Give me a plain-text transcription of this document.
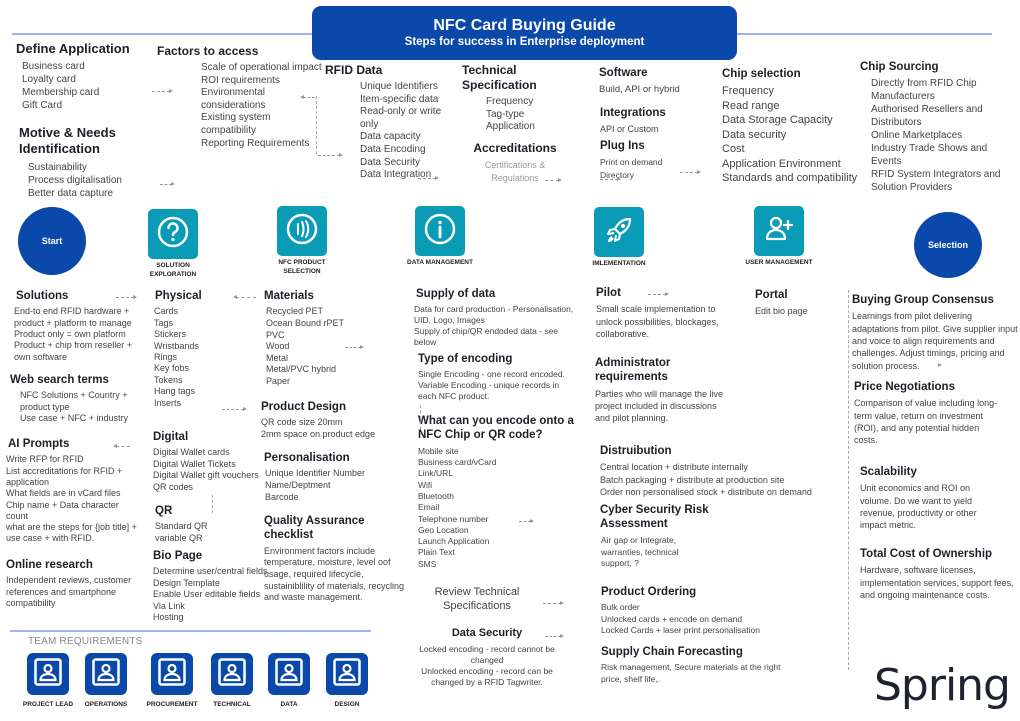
NFC Card Buying Guide
Steps for success in Enterprise deployment
Define Application
Business card
Loyalty card
Membership card
Gift Card
Motive & Needs Identification
Sustainability
Process digitalisation
Better data capture
Factors to access
Scale of operational impact
ROI requirements
Environmental considerations
Existing system compatibility
Reporting Requirements
RFID Data
Unique Identifiers
Item-specific data
Read-only or write only
Data capacity
Data Encoding
Data Security
Data Integration
Technical Specification
Frequency
Tag-type
Application
Accreditations
Certifications & Regulations
Software
Build, API or hybrid
Integrations
API or Custom
Plug Ins
Print on demand
Directory
Chip selection
Frequency
Read range
Data Storage Capacity
Data security
Cost
Application Environment
Standards and compatibility
Chip Sourcing
Directly from RFID Chip Manufacturers
Authorised Resellers and Distributors
Online Marketplaces
Industry Trade Shows and Events
RFID System Integrators and Solution Providers
Solutions
End-to end RFID hardware + product + platform to manage
Product only = own platform
Product + chip from reseller + own software
Web search terms
NFC Solutions + Country + product type
Use case + NFC + industry
AI Prompts
Write RFP for RFID
List accreditations for RFID + application
What fields are in vCard files
Chip name + Data character count
what are the steps for {job title] + use case + with RFID.
Online research
Independent reviews, customer references and smartphone compatibility
Physical
Cards
Tags
Stickers
Wristbands
Rings
Key fobs
Tokens
Hang tags
Inserts
Digital
Digital Wallet cards
Digital Wallet Tickets
Digital Wallet gift vouchers
QR codes
QR
Standard QR
variable QR
Bio Page
Determine user/central fields
Design Template
Enable User editable fields
Via Link
Hosting
Materials
Recycled PET
Ocean Bound rPET
PVC
Wood
Metal
Metal/PVC hybrid
Paper
Product Design
QR code size 20mm
2mm space on product edge
Personalisation
Unique Identifier Number
Name/Deptment
Barcode
Quality Assurance checklist
Environment factors include temperature, moisture, level oof usage, required lifecycle, sustainiblility of materials, recycling and waste management.
Supply of data
Data for card production - Personalisation, UID, Logo, Images
Supply of chip/QR endoded data - see below
Type of encoding
Single Encoding - one record encoded.
Variable Encoding - unique records in each NFC product.
What can you encode onto a NFC Chip or QR code?
Mobile site
Business card/vCard
Link/URL
Wifi
Bluetooth
Email
Telephone number
Geo Location
Launch Application
Plain Text
SMS
Review Technical Specifications
Data Security
Locked encoding - record cannot be changed
Unlocked encoding - record can be changed by a RFID Tagwriter.
Pilot
Small scale implementation to unlock possibilities, blockages, collaborative.
Administrator requirements
Parties who will manage the live project included in discussions and pilot planning.
Distruibution
Central location + distribute internally
Batch packaging + distribute at production site
Order non personalised stock + distribute on demand
Cyber Security Risk Assessment
Air gap or Integrate, warranties, technical support, ?
Product Ordering
Bulk order
Unlocked cards + encode on demand
Locked Cards + laser print personalisation
Supply Chain Forecasting
Risk management, Secure materials at the right price, shelf life,.
Portal
Edit bio page
Buying Group Consensus
Learnings from pilot delivering adaptations from pilot. Give supplier input and voice to align requirements and challenges. Adjust timings, pricing and solution process.
Price Negotiations
Comparison of value including long-term value, return on investment (ROI), and any potential hidden costs.
Scalability
Unit economics and ROI on volume. Do we want to yield revenue, productivity or other impact metric.
Total Cost of Ownership
Hardware, software licenses, implementation services, support fees, and ongoing maintenance costs.
Start	Selection
SOLUTION EXPLORATION
NFC PRODUCT SELECTION
DATA MANAGEMENT	IMLEMENTATION	USER MANAGEMENT
TEAM REQUIREMENTS
PROJECT LEAD	OPERATIONS	PROCUREMENT	TECHNICAL	DATA	DESIGN	Spring
